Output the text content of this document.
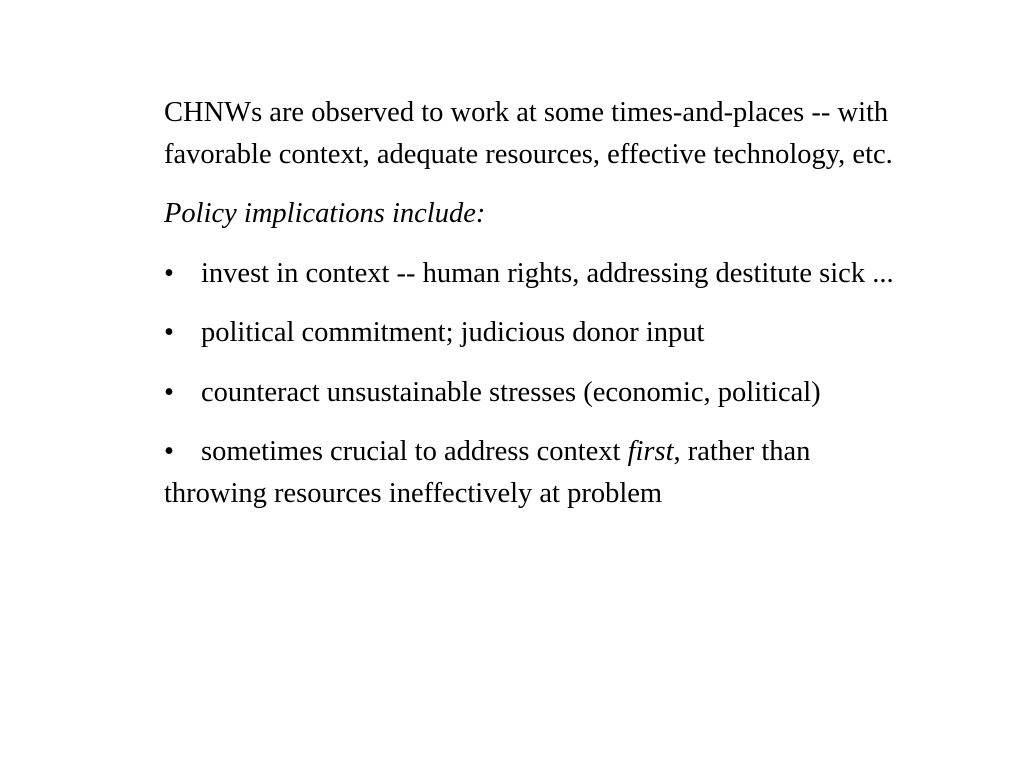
CHNWs are observed to work at some times-and-places -- with favorable context, adequate resources, effective technology, etc.

Policy implications include:

• invest in context -- human rights, addressing destitute sick ...

• political commitment; judicious donor input

• counteract unsustainable stresses (economic, political)

• sometimes crucial to address context first, rather than throwing resources ineffectively at problem
